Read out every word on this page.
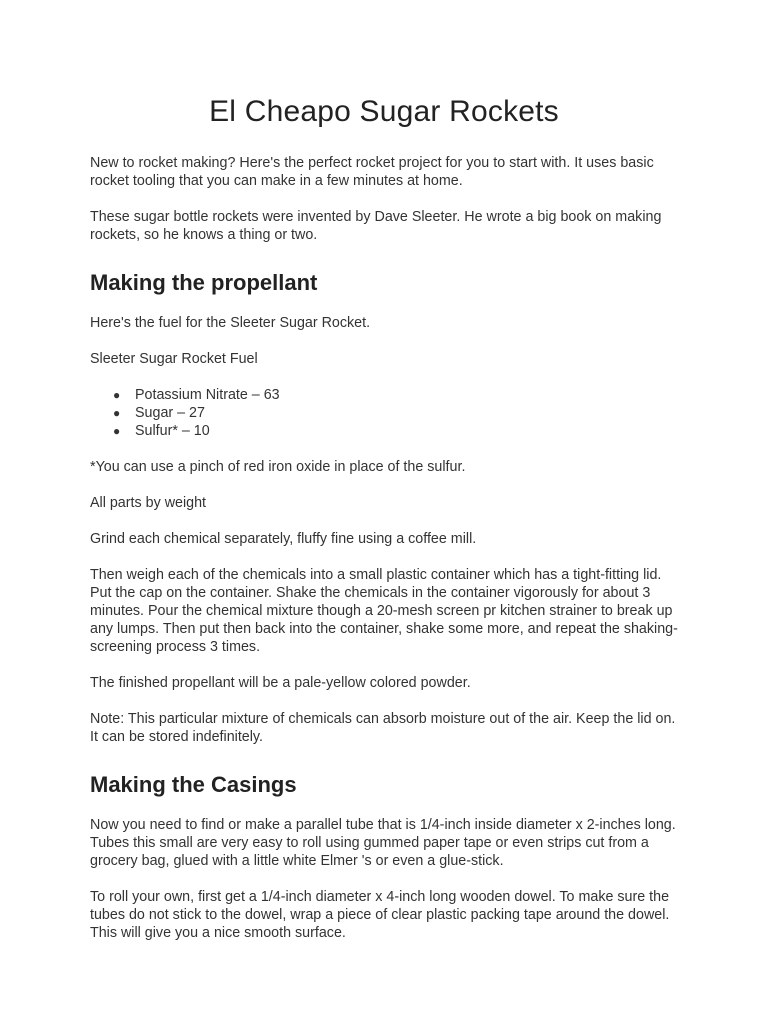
El Cheapo Sugar Rockets

New to rocket making? Here's the perfect rocket project for you to start with. It uses basic rocket tooling that you can make in a few minutes at home.

These sugar bottle rockets were invented by Dave Sleeter. He wrote a big book on making rockets, so he knows a thing or two.

Making the propellant

Here's the fuel for the Sleeter Sugar Rocket.

Sleeter Sugar Rocket Fuel

● Potassium Nitrate – 63
● Sugar – 27
● Sulfur* – 10

*You can use a pinch of red iron oxide in place of the sulfur.

All parts by weight

Grind each chemical separately, fluffy fine using a coffee mill.

Then weigh each of the chemicals into a small plastic container which has a tight-fitting lid. Put the cap on the container. Shake the chemicals in the container vigorously for about 3 minutes. Pour the chemical mixture though a 20-mesh screen pr kitchen strainer to break up any lumps. Then put then back into the container, shake some more, and repeat the shaking-screening process 3 times.

The finished propellant will be a pale-yellow colored powder.

Note: This particular mixture of chemicals can absorb moisture out of the air. Keep the lid on. It can be stored indefinitely.

Making the Casings

Now you need to find or make a parallel tube that is 1/4-inch inside diameter x 2-inches long. Tubes this small are very easy to roll using gummed paper tape or even strips cut from a grocery bag, glued with a little white Elmer 's or even a glue-stick.

To roll your own, first get a 1/4-inch diameter x 4-inch long wooden dowel. To make sure the tubes do not stick to the dowel, wrap a piece of clear plastic packing tape around the dowel. This will give you a nice smooth surface.
